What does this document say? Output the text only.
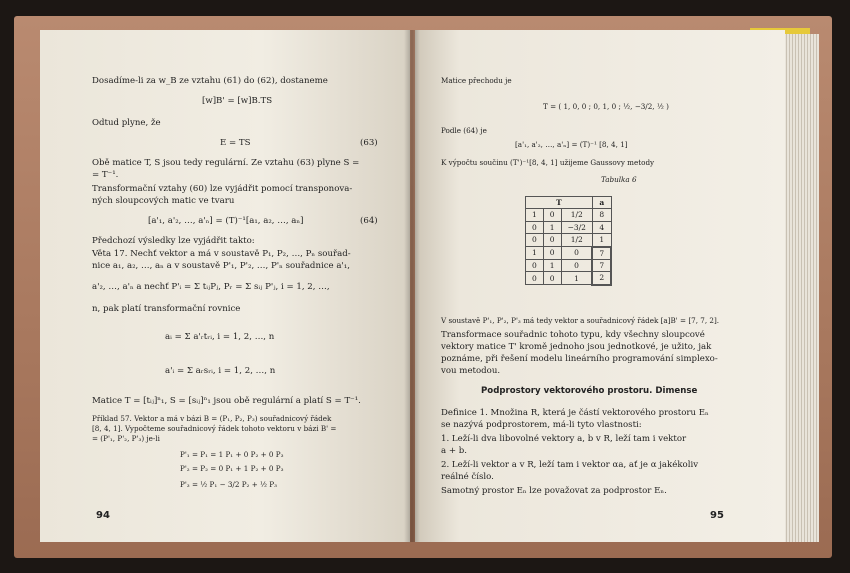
Dosadíme-li za w_B ze vztahu (61) do (62), dostaneme
[w]B' = [w]B.TS
Odtud plyne, že
E = TS	(63)
Obě matice T, S jsou tedy regulární. Ze vztahu (63) plyne S =
= T⁻¹.
Transformační vztahy (60) lze vyjádřit pomocí transponova-
ných sloupcových matic ve tvaru
[a'₁, a'₂, …, a'ₙ] = (T)⁻¹[a₁, a₂, …, aₙ]	(64)
Předchozí výsledky lze vyjádřit takto:
Věta 17. Nechť vektor a má v soustavě P₁, P₂, …, Pₙ souřad-
nice a₁, a₂, …, aₙ a v soustavě P'₁, P'₂, …, P'ₙ souřadnice a'₁,
a'₂, …, a'ₙ a nechť P'ᵢ = Σ tᵢⱼPⱼ, Pᵣ = Σ sᵢⱼ P'ⱼ, i = 1, 2, …,
n, pak platí transformační rovnice
aᵢ = Σ a'ᵣtᵣᵢ, i = 1, 2, …, n
a'ᵢ = Σ aᵣsᵣᵢ, i = 1, 2, …, n
Matice T = [tᵢⱼ]ⁿ₁, S = [sᵢⱼ]ⁿ₁ jsou obě regulární a platí S = T⁻¹.
Příklad 57. Vektor a má v bázi B = (P₁, P₂, P₃) souřadnicový řádek
[8, 4, 1]. Vypočteme souřadnicový řádek tohoto vektoru v bázi B' =
= (P'₁, P'₂, P'₃) je-li
P'₁ = P₁ = 1 P₁ + 0 P₂ + 0 P₃
P'₂ = P₂ = 0 P₁ + 1 P₂ + 0 P₃
P'₃ = ½ P₁ − 3/2 P₂ + ½ P₃
94
Matice přechodu je
T = ( 1, 0, 0 ; 0, 1, 0 ; ½, −3/2, ½ )
Podle (64) je
[a'₁, a'₂, …, a'ₙ] = (T)⁻¹ [8, 4, 1]
K výpočtu součinu (T')⁻¹[8, 4, 1] užijeme Gaussovy metody
Tabulka 6
T			a
1	0	1/2	8
0	1	−3/2	4
0	0	1/2	1
1	0	0	7
0	1	0	7
0	0	1	2
V soustavě P'₁, P'₂, P'₃ má tedy vektor a souřadnicový řádek [a]B' = [7, 7, 2].
Transformace souřadnic tohoto typu, kdy všechny sloupcové
vektory matice T' kromě jednoho jsou jednotkové, je užito, jak
poznáme, při řešení modelu lineárního programování simplexo-
vou metodou.
Podprostory vektorového prostoru. Dimense
Definice 1. Množina R, která je částí vektorového prostoru Eₙ
se nazývá podprostorem, má-li tyto vlastnosti:
1. Leží-li dva libovolné vektory a, b v R, leží tam i vektor
a + b.
2. Leží-li vektor a v R, leží tam i vektor αa, ať je α jakékoliv
reálné číslo.
Samotný prostor Eₙ lze považovat za podprostor Eₙ.
95
